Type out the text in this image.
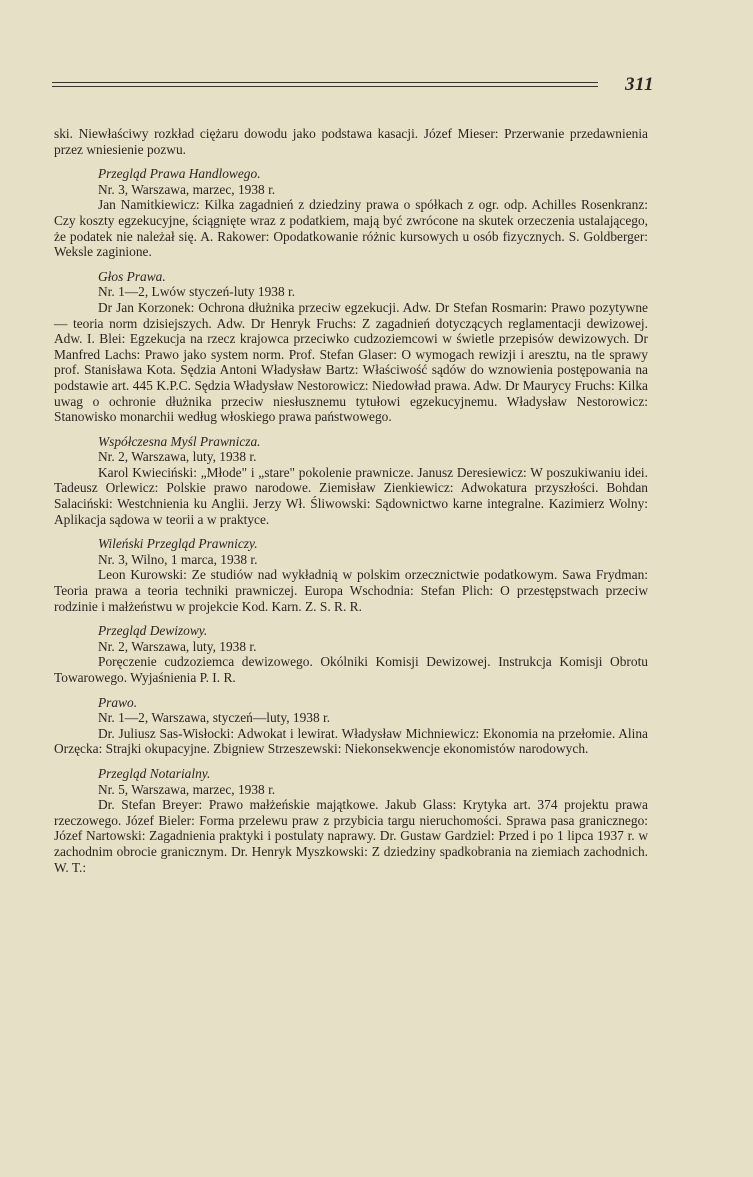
311

ski. Niewłaściwy rozkład ciężaru dowodu jako podstawa kasacji. Józef Mieser: Przerwanie przedawnienia przez wniesienie pozwu.

Przegląd Prawa Handlowego.

Nr. 3, Warszawa, marzec, 1938 r.

Jan Namitkiewicz: Kilka zagadnień z dziedziny prawa o spółkach z ogr. odp. Achilles Rosenkranz: Czy koszty egzekucyjne, ściągnięte wraz z podatkiem, mają być zwrócone na skutek orzeczenia ustalającego, że podatek nie należał się. A. Rakower: Opodatkowanie różnic kursowych u osób fizycznych. S. Goldberger: Weksle zaginione.

Głos Prawa.

Nr. 1—2, Lwów styczeń-luty 1938 r.

Dr Jan Korzonek: Ochrona dłużnika przeciw egzekucji. Adw. Dr Stefan Rosmarin: Prawo pozytywne — teoria norm dzisiejszych. Adw. Dr Henryk Fruchs: Z zagadnień dotyczących reglamentacji dewizowej. Adw. I. Blei: Egzekucja na rzecz krajowca przeciwko cudzoziemcowi w świetle przepisów dewizowych. Dr Manfred Lachs: Prawo jako system norm. Prof. Stefan Glaser: O wymogach rewizji i aresztu, na tle sprawy prof. Stanisława Kota. Sędzia Antoni Władysław Bartz: Właściwość sądów do wznowienia postępowania na podstawie art. 445 K.P.C. Sędzia Władysław Nestorowicz: Niedowład prawa. Adw. Dr Maurycy Fruchs: Kilka uwag o ochronie dłużnika przeciw niesłusznemu tytułowi egzekucyjnemu. Władysław Nestorowicz: Stanowisko monarchii według włoskiego prawa państwowego.

Współczesna Myśl Prawnicza.

Nr. 2, Warszawa, luty, 1938 r.

Karol Kwieciński: „Młode" i „stare" pokolenie prawnicze. Janusz Deresiewicz: W poszukiwaniu idei. Tadeusz Orlewicz: Polskie prawo narodowe. Ziemisław Zienkiewicz: Adwokatura przyszłości. Bohdan Salaciński: Westchnienia ku Anglii. Jerzy Wł. Śliwowski: Sądownictwo karne integralne. Kazimierz Wolny: Aplikacja sądowa w teorii a w praktyce.

Wileński Przegląd Prawniczy.

Nr. 3, Wilno, 1 marca, 1938 r.

Leon Kurowski: Ze studiów nad wykładnią w polskim orzecznictwie podatkowym. Sawa Frydman: Teoria prawa a teoria techniki prawniczej. Europa Wschodnia: Stefan Plich: O przestępstwach przeciw rodzinie i małżeństwu w projekcie Kod. Karn. Z. S. R. R.

Przegląd Dewizowy.

Nr. 2, Warszawa, luty, 1938 r.

Poręczenie cudzoziemca dewizowego. Okólniki Komisji Dewizowej. Instrukcja Komisji Obrotu Towarowego. Wyjaśnienia P. I. R.

Prawo.

Nr. 1—2, Warszawa, styczeń—luty, 1938 r.

Dr. Juliusz Sas-Wisłocki: Adwokat i lewirat. Władysław Michniewicz: Ekonomia na przełomie. Alina Orzęcka: Strajki okupacyjne. Zbigniew Strzeszewski: Niekonsekwencje ekonomistów narodowych.

Przegląd Notarialny.

Nr. 5, Warszawa, marzec, 1938 r.

Dr. Stefan Breyer: Prawo małżeńskie majątkowe. Jakub Glass: Krytyka art. 374 projektu prawa rzeczowego. Józef Bieler: Forma przelewu praw z przybicia targu nieruchomości. Sprawa pasa granicznego: Józef Nartowski: Zagadnienia praktyki i postulaty naprawy. Dr. Gustaw Gardziel: Przed i po 1 lipca 1937 r. w zachodnim obrocie granicznym. Dr. Henryk Myszkowski: Z dziedziny spadkobrania na ziemiach zachodnich. W. T.:
